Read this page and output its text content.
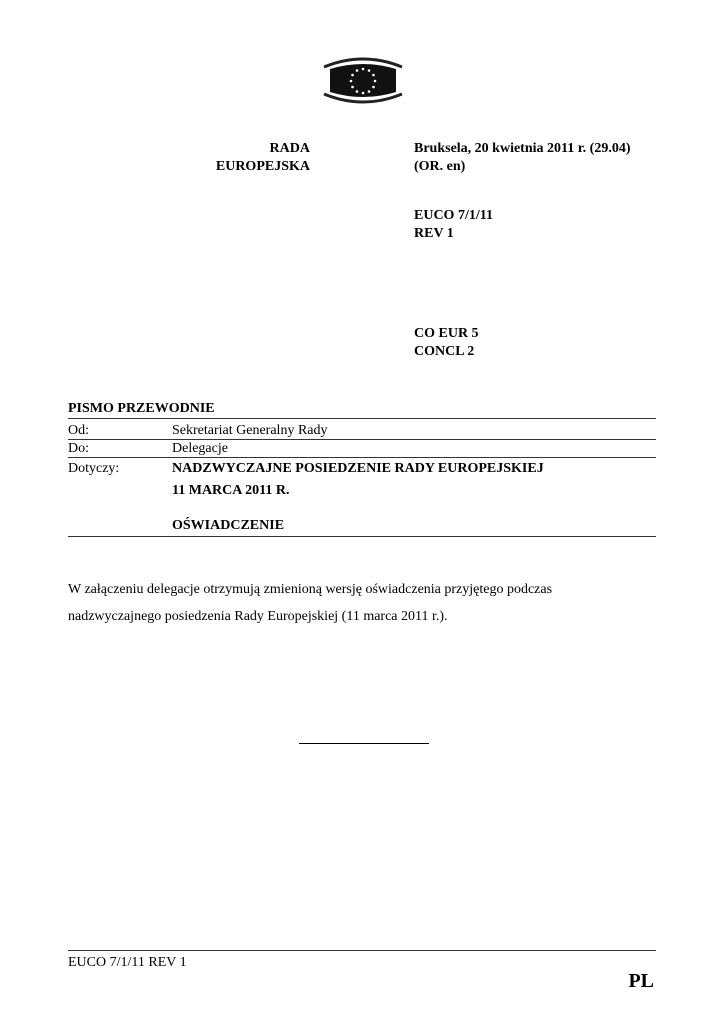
RADA
EUROPEJSKA
Bruksela, 20 kwietnia 2011 r. (29.04)
(OR. en)
EUCO 7/1/11
REV 1
CO EUR 5
CONCL 2
PISMO PRZEWODNIE
Od:	Sekretariat Generalny Rady
Do:	Delegacje
Dotyczy:	NADZWYCZAJNE POSIEDZENIE RADY EUROPEJSKIEJ
11 MARCA 2011 R.
OŚWIADCZENIE
W załączeniu delegacje otrzymują zmienioną wersję oświadczenia przyjętego podczas
nadzwyczajnego posiedzenia Rady Europejskiej (11 marca 2011 r.).
EUCO 7/1/11 REV 1
PL
